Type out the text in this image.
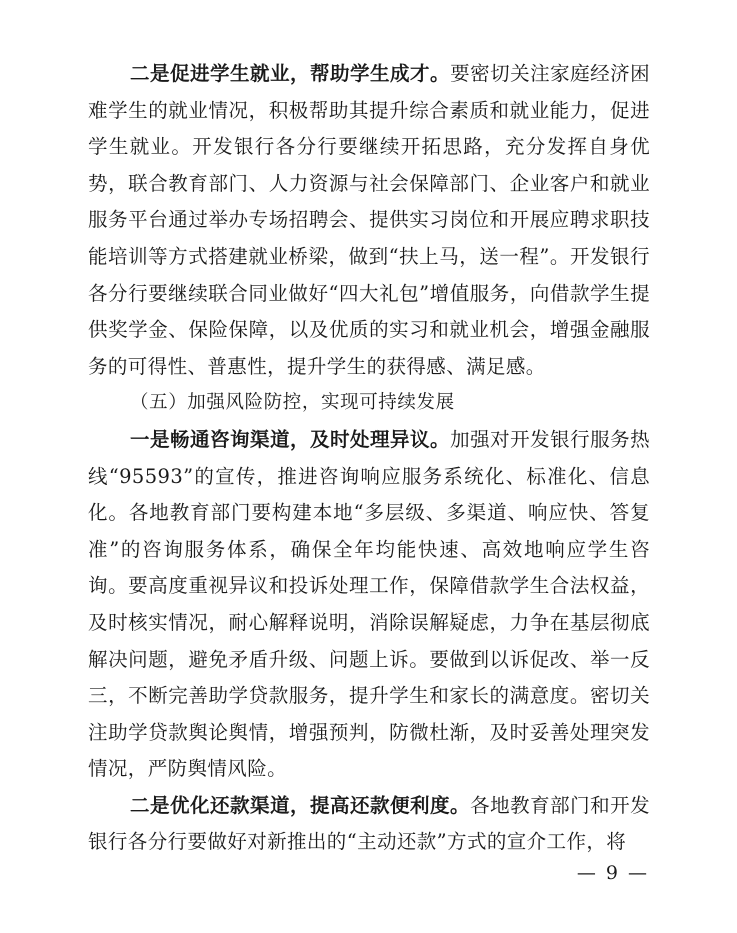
二是促进学生就业，帮助学生成才。要密切关注家庭经济困难学生的就业情况，积极帮助其提升综合素质和就业能力，促进学生就业。开发银行各分行要继续开拓思路，充分发挥自身优势，联合教育部门、人力资源与社会保障部门、企业客户和就业服务平台通过举办专场招聘会、提供实习岗位和开展应聘求职技能培训等方式搭建就业桥梁，做到“扶上马，送一程”。开发银行各分行要继续联合同业做好“四大礼包”增值服务，向借款学生提供奖学金、保险保障，以及优质的实习和就业机会，增强金融服务的可得性、普惠性，提升学生的获得感、满足感。

（五）加强风险防控，实现可持续发展

一是畅通咨询渠道，及时处理异议。加强对开发银行服务热线“95593”的宣传，推进咨询响应服务系统化、标准化、信息化。各地教育部门要构建本地“多层级、多渠道、响应快、答复准”的咨询服务体系，确保全年均能快速、高效地响应学生咨询。要高度重视异议和投诉处理工作，保障借款学生合法权益，及时核实情况，耐心解释说明，消除误解疑虑，力争在基层彻底解决问题，避免矛盾升级、问题上诉。要做到以诉促改、举一反三，不断完善助学贷款服务，提升学生和家长的满意度。密切关注助学贷款舆论舆情，增强预判，防微杜渐，及时妥善处理突发情况，严防舆情风险。

二是优化还款渠道，提高还款便利度。各地教育部门和开发银行各分行要做好对新推出的“主动还款”方式的宣介工作，将

— 9 —
